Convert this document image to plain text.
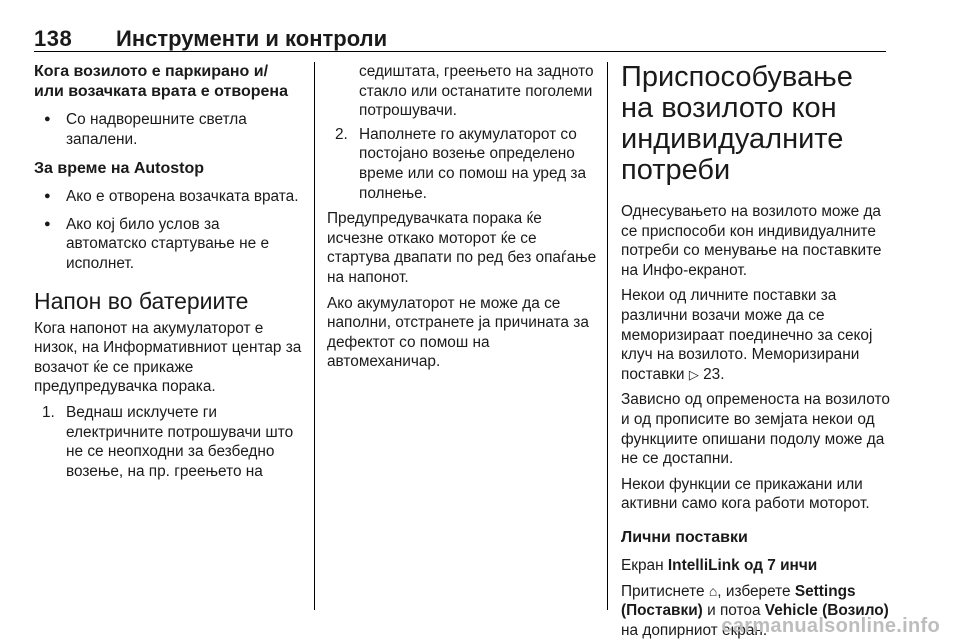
138 Инструменти и контроли
Кога возилото е паркирано и/ или возачката врата е отворена
● Со надворешните светла запалени.
За време на Autostop
● Ако е отворена возачката врата.
● Ако кој било услов за автоматско стартување не е исполнет.
Напон во батериите

Кога напонот на акумулаторот е низок, на Информативниот центар за возачот ќе се прикаже предупредувачка порака.

1. Веднаш исклучете ги електричните потрошувачи што не се неопходни за безбедно возење, на пр. греењето на
седиштата, греењето на задното стакло или останатите поголеми потрошувачи.
2. Наполнете го акумулаторот со постојано возење определено време или со помош на уред за полнење.

Предупредувачката порака ќе исчезне откако моторот ќе се стартува двапати по ред без опаѓање на напонот.

Ако акумулаторот не може да се наполни, отстранете ја причината за дефектот со помош на автомеханичар.

Приспособување на возилото кон индивидуалните потреби

Однесувањето на возилото може да се приспособи кон индивидуалните потреби со менување на поставките на Инфо-екранот.

Некои од личните поставки за различни возачи може да се меморизираат поединечно за секој клуч на возилото. Меморизирани поставки ▷ 23.

Зависно од опременоста на возилото и од прописите во земјата некои од функциите опишани подолу може да не се достапни.

Некои функции се прикажани или активни само кога работи моторот.

Лични поставки

Екран IntelliLink од 7 инчи

Притиснете ⌂, изберете Settings (Поставки) и потоа Vehicle (Возило) на допирниот екран.

carmanualsonline.info
